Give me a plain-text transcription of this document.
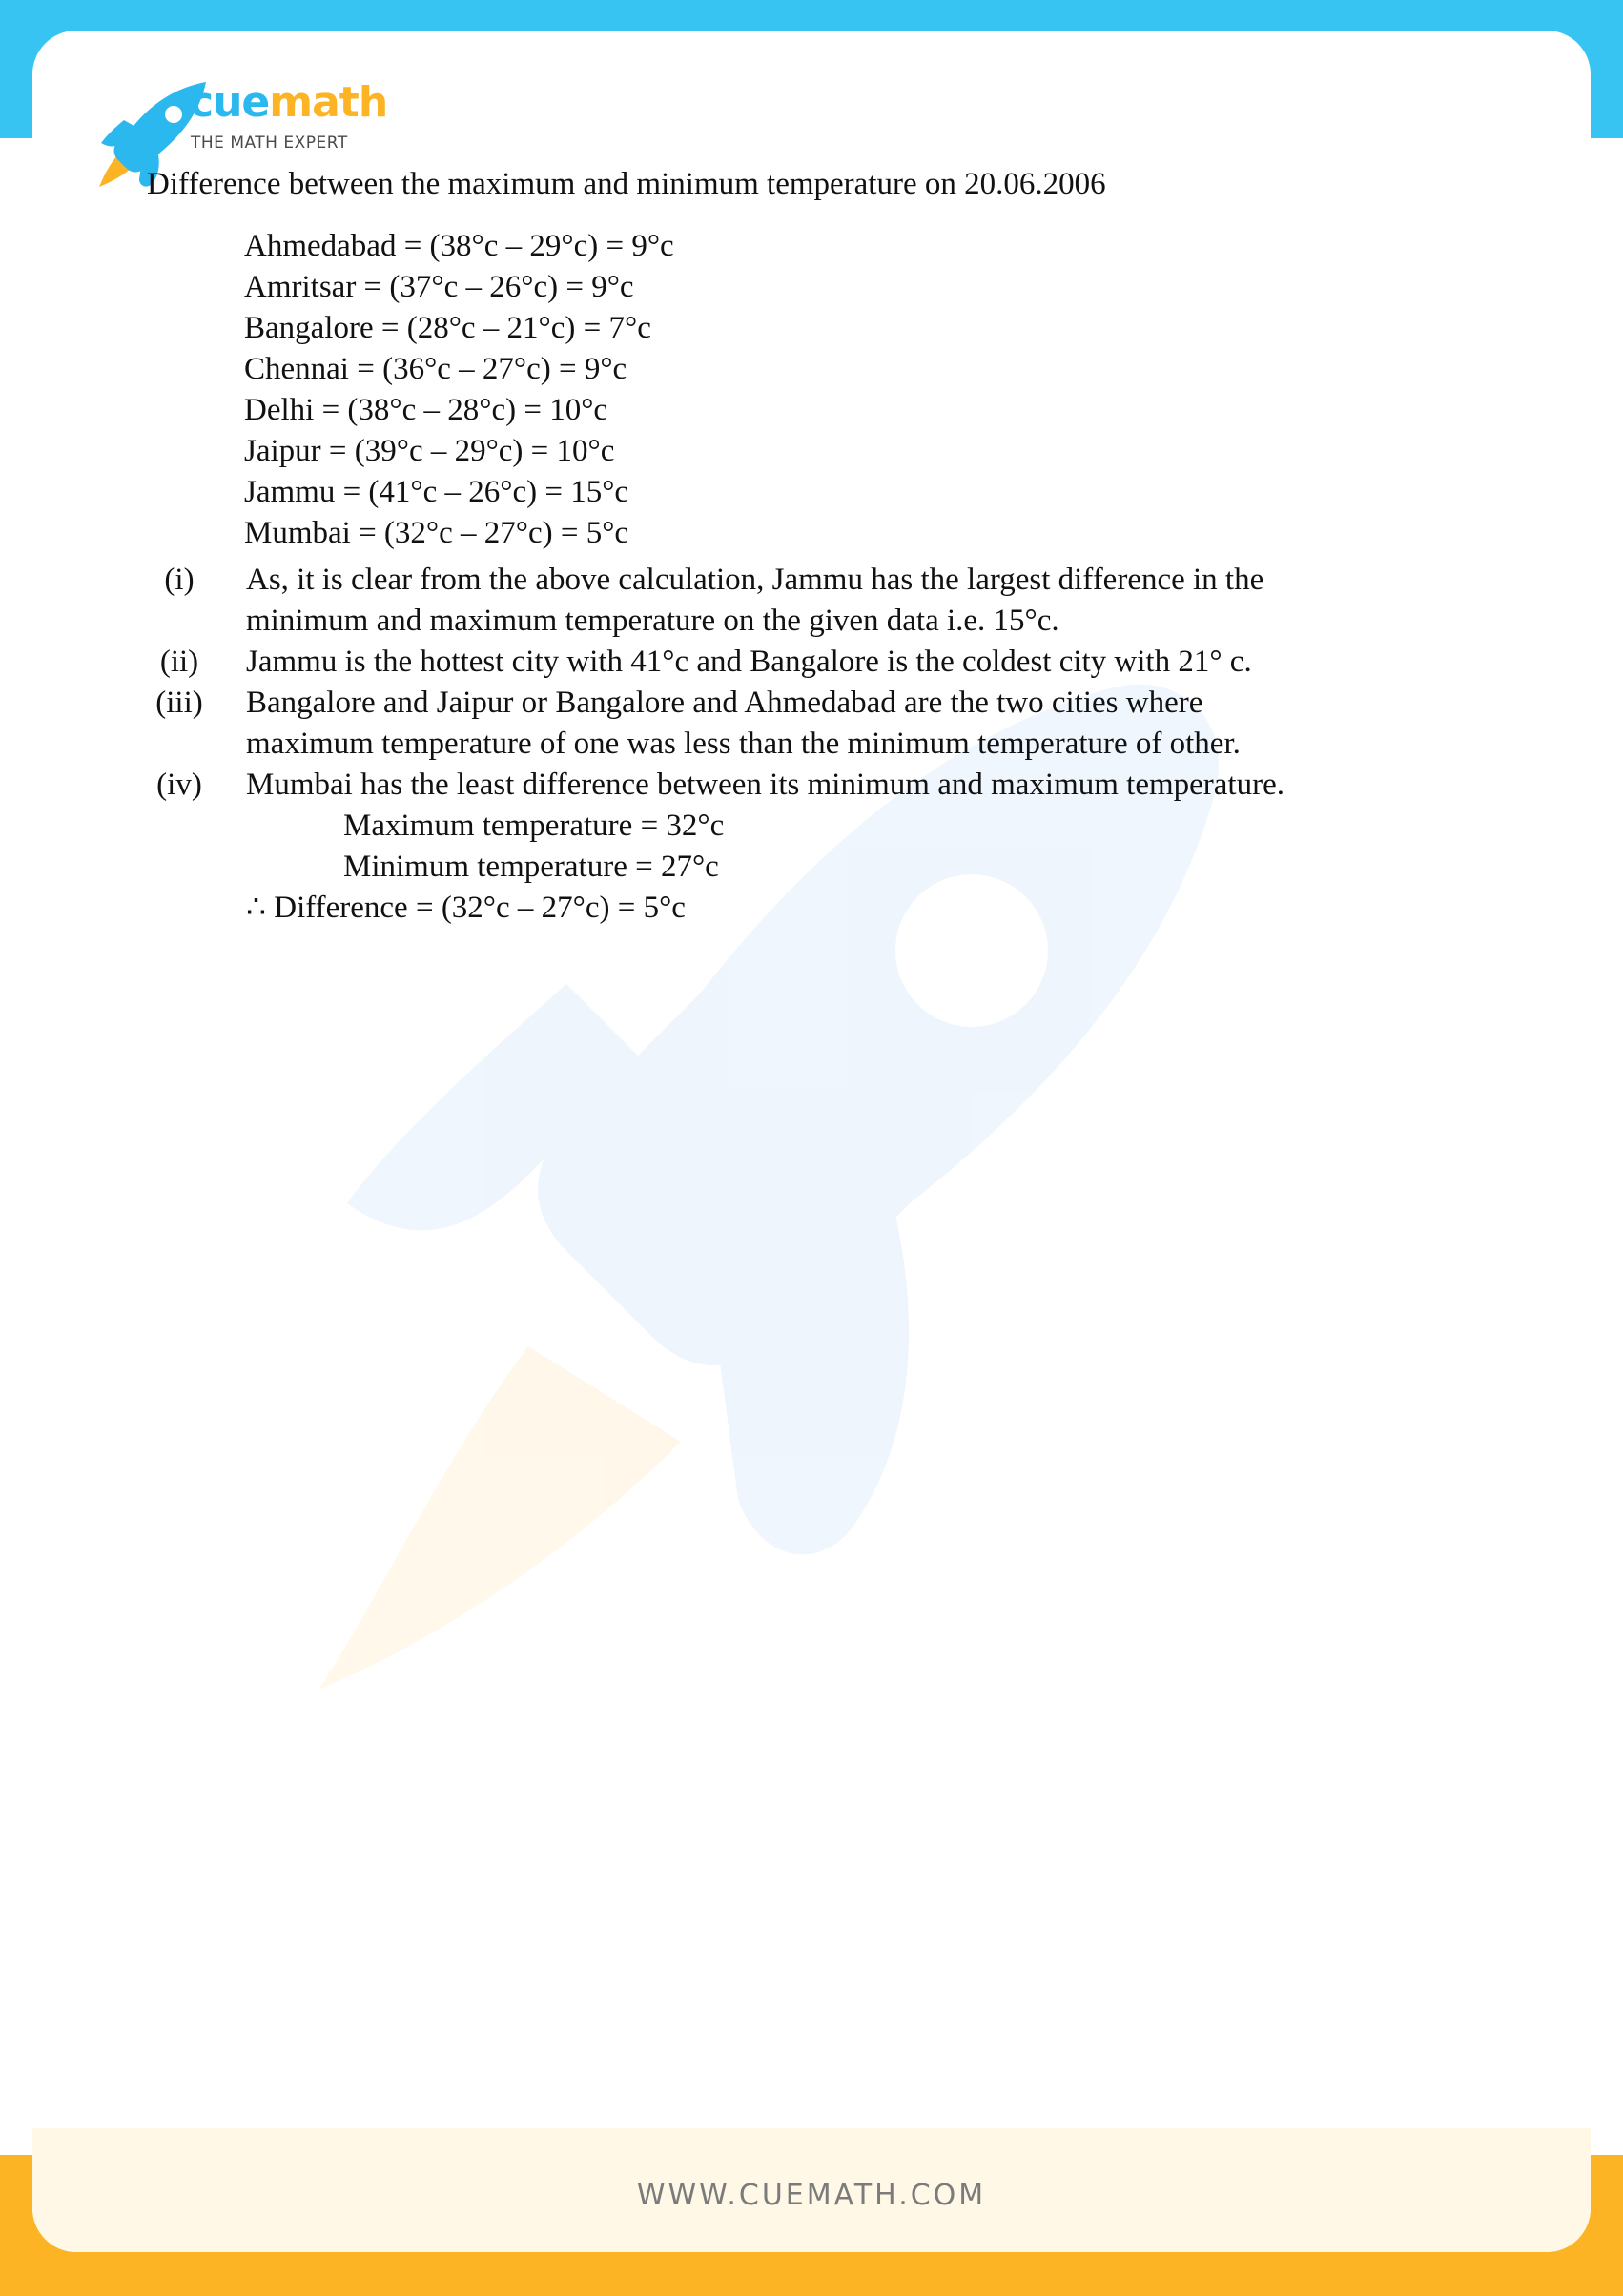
cuemath
THE MATH EXPERT
Difference between the maximum and minimum temperature on 20.06.2006
Ahmedabad = (38°c – 29°c) = 9°c
Amritsar = (37°c – 26°c) = 9°c
Bangalore = (28°c – 21°c) = 7°c
Chennai = (36°c – 27°c) = 9°c
Delhi = (38°c – 28°c) = 10°c
Jaipur = (39°c – 29°c) = 10°c
Jammu = (41°c – 26°c) = 15°c
Mumbai = (32°c – 27°c) = 5°c
(i)	As, it is clear from the above calculation, Jammu has the largest difference in the
minimum and maximum temperature on the given data i.e. 15°c.
(ii)	Jammu is the hottest city with 41°c and Bangalore is the coldest city with 21° c.
(iii)	Bangalore and Jaipur or Bangalore and Ahmedabad are the two cities where
maximum temperature of one was less than the minimum temperature of other.
(iv)	Mumbai has the least difference between its minimum and maximum temperature.
Maximum temperature = 32°c
Minimum temperature = 27°c
∴ Difference = (32°c – 27°c) = 5°c
WWW.CUEMATH.COM
